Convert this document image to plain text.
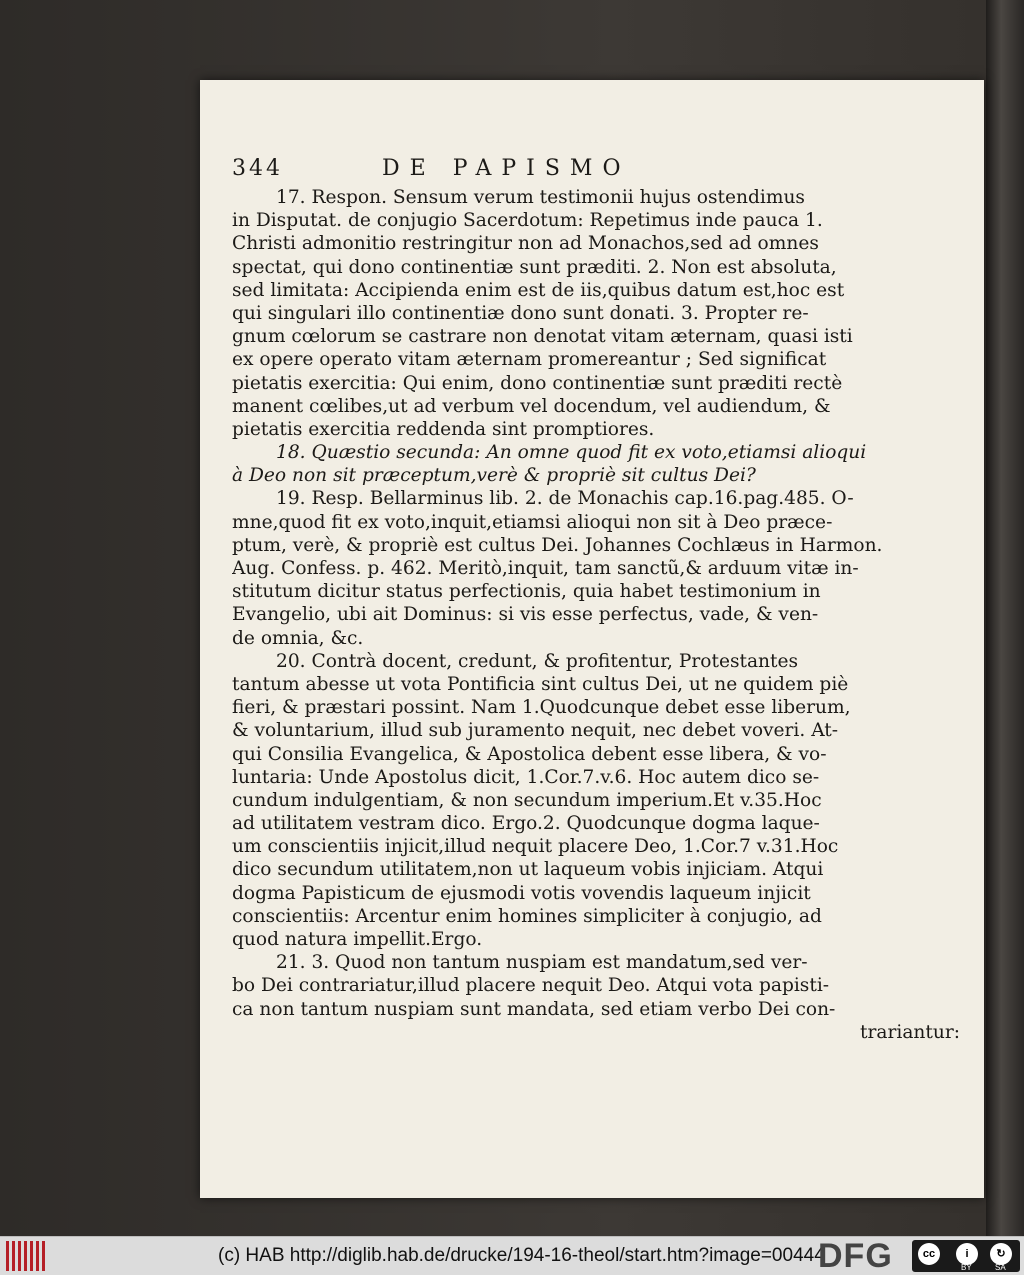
344	DE PAPISMO
17. Respon. Sensum verum testimonii hujus ostendimus
in Disputat. de conjugio Sacerdotum: Repetimus inde pauca 1.
Christi admonitio restringitur non ad Monachos,sed ad omnes
spectat, qui dono continentiæ sunt præditi. 2. Non est absoluta,
sed limitata: Accipienda enim est de iis,quibus datum est,hoc est
qui singulari illo continentiæ dono sunt donati. 3. Propter re-
gnum cœlorum se castrare non denotat vitam æternam, quasi isti
ex opere operato vitam æternam promereantur ; Sed significat
pietatis exercitia: Qui enim, dono continentiæ sunt præditi rectè
manent cœlibes,ut ad verbum vel docendum, vel audiendum, &
pietatis exercitia reddenda sint promptiores.
18. Quæstio secunda: An omne quod fit ex voto,etiamsi alioqui
à Deo non sit præceptum,verè & propriè sit cultus Dei?
19. Resp. Bellarminus lib. 2. de Monachis cap.16.pag.485. O-
mne,quod fit ex voto,inquit,etiamsi alioqui non sit à Deo præce-
ptum, verè, & propriè est cultus Dei. Johannes Cochlæus in Harmon.
Aug. Confess. p. 462. Meritò,inquit, tam sanctũ,& arduum vitæ in-
stitutum dicitur status perfectionis, quia habet testimonium in
Evangelio, ubi ait Dominus: si vis esse perfectus, vade, & ven-
de omnia, &c.
20. Contrà docent, credunt, & profitentur, Protestantes
tantum abesse ut vota Pontificia sint cultus Dei, ut ne quidem piè
fieri, & præstari possint. Nam 1.Quodcunque debet esse liberum,
& voluntarium, illud sub juramento nequit, nec debet voveri. At-
qui Consilia Evangelica, & Apostolica debent esse libera, & vo-
luntaria: Unde Apostolus dicit, 1.Cor.7.v.6. Hoc autem dico se-
cundum indulgentiam, & non secundum imperium.Et v.35.Hoc
ad utilitatem vestram dico. Ergo.2. Quodcunque dogma laque-
um conscientiis injicit,illud nequit placere Deo, 1.Cor.7 v.31.Hoc
dico secundum utilitatem,non ut laqueum vobis injiciam. Atqui
dogma Papisticum de ejusmodi votis vovendis laqueum injicit
conscientiis: Arcentur enim homines simpliciter à conjugio, ad
quod natura impellit.Ergo.
21. 3. Quod non tantum nuspiam est mandatum,sed ver-
bo Dei contrariatur,illud placere nequit Deo. Atqui vota papisti-
ca non tantum nuspiam sunt mandata, sed etiam verbo Dei con-
trariantur:
(c) HAB http://diglib.hab.de/drucke/194-16-theol/start.htm?image=00444
DFG	cc	i	↻
BY	SA
